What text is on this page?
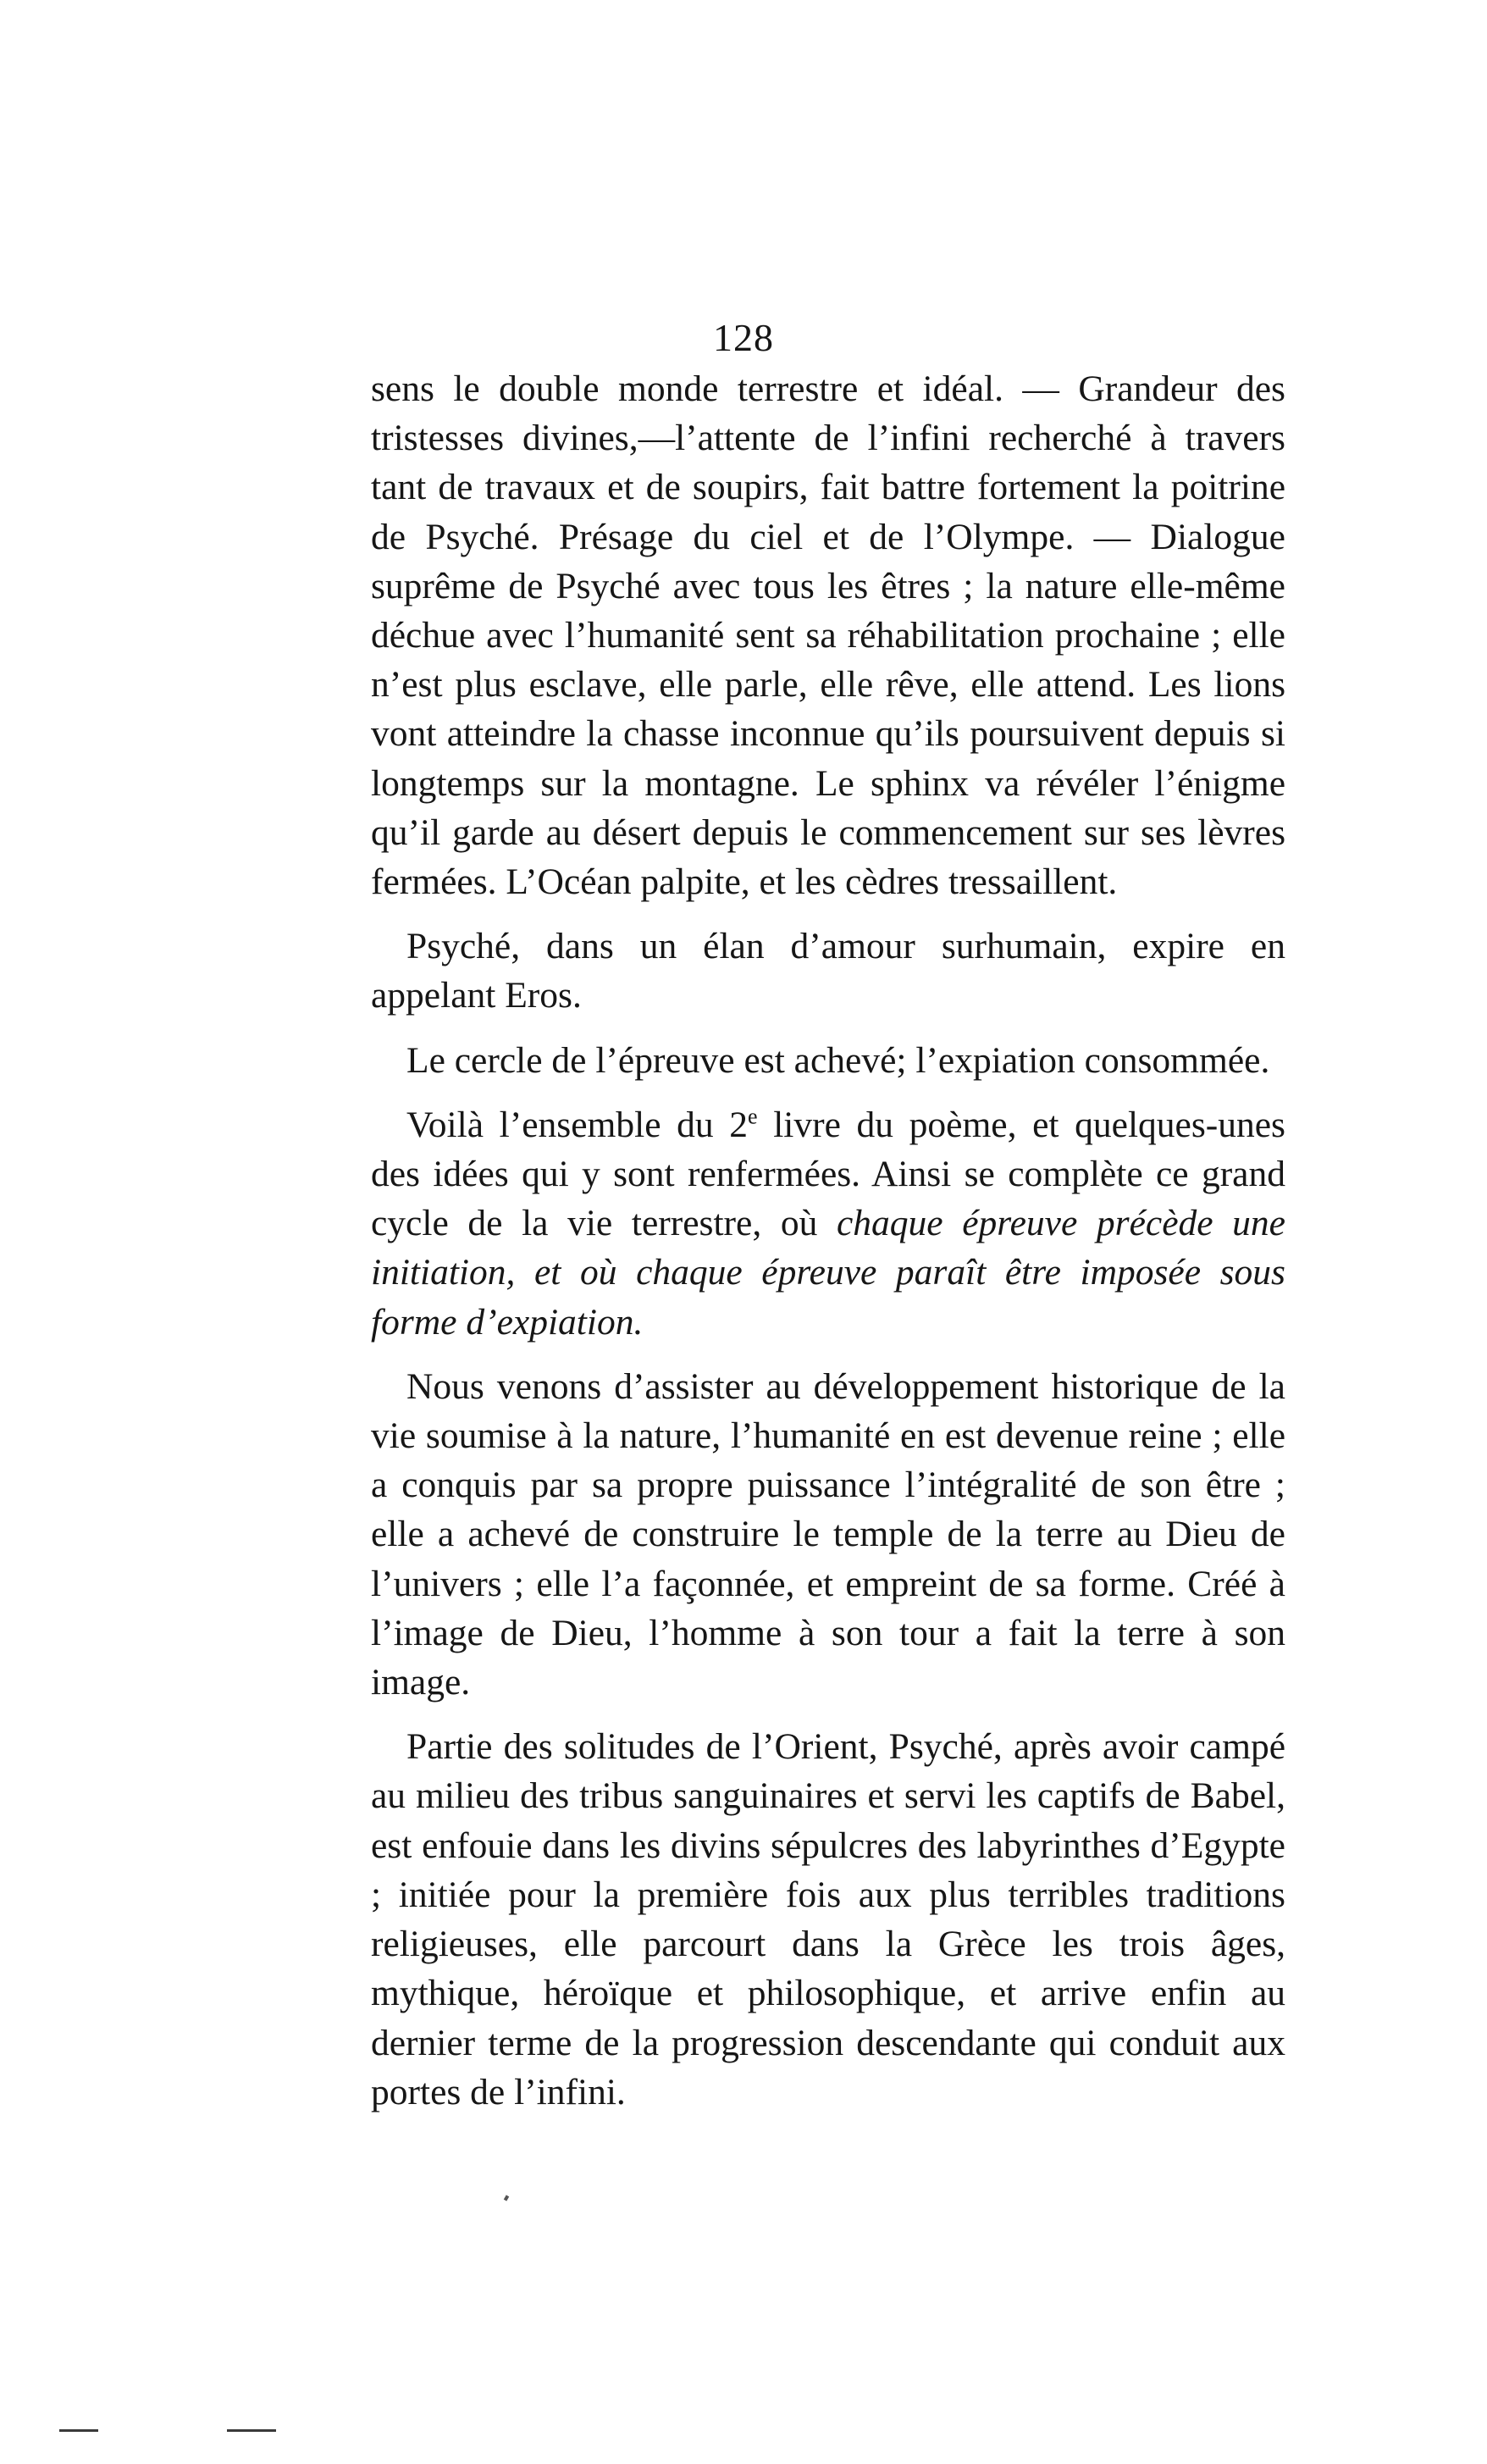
128

sens le double monde terrestre et idéal. — Grandeur des tristesses divines,—l’attente de l’infini recherché à travers tant de travaux et de soupirs, fait battre fortement la poitrine de Psyché. Présage du ciel et de l’Olympe. — Dialogue suprême de Psyché avec tous les êtres ; la nature elle-même déchue avec l’humanité sent sa réhabilitation prochaine ; elle n’est plus esclave, elle parle, elle rêve, elle attend. Les lions vont atteindre la chasse inconnue qu’ils poursuivent depuis si longtemps sur la montagne. Le sphinx va révéler l’énigme qu’il garde au désert depuis le commencement sur ses lèvres fermées. L’Océan palpite, et les cèdres tressaillent.

Psyché, dans un élan d’amour surhumain, expire en appelant Eros.

Le cercle de l’épreuve est achevé; l’expiation consommée.

Voilà l’ensemble du 2e livre du poème, et quelques-unes des idées qui y sont renfermées. Ainsi se complète ce grand cycle de la vie terrestre, où chaque épreuve précède une initiation, et où chaque épreuve paraît être imposée sous forme d’expiation.

Nous venons d’assister au développement historique de la vie soumise à la nature, l’humanité en est devenue reine ; elle a conquis par sa propre puissance l’intégralité de son être ; elle a achevé de construire le temple de la terre au Dieu de l’univers ; elle l’a façonnée, et empreint de sa forme. Créé à l’image de Dieu, l’homme à son tour a fait la terre à son image.

Partie des solitudes de l’Orient, Psyché, après avoir campé au milieu des tribus sanguinaires et servi les captifs de Babel, est enfouie dans les divins sépulcres des labyrinthes d’Egypte ; initiée pour la première fois aux plus terribles traditions religieuses, elle parcourt dans la Grèce les trois âges, mythique, héroïque et philosophique, et arrive enfin au dernier terme de la progression descendante qui conduit aux portes de l’infini.
